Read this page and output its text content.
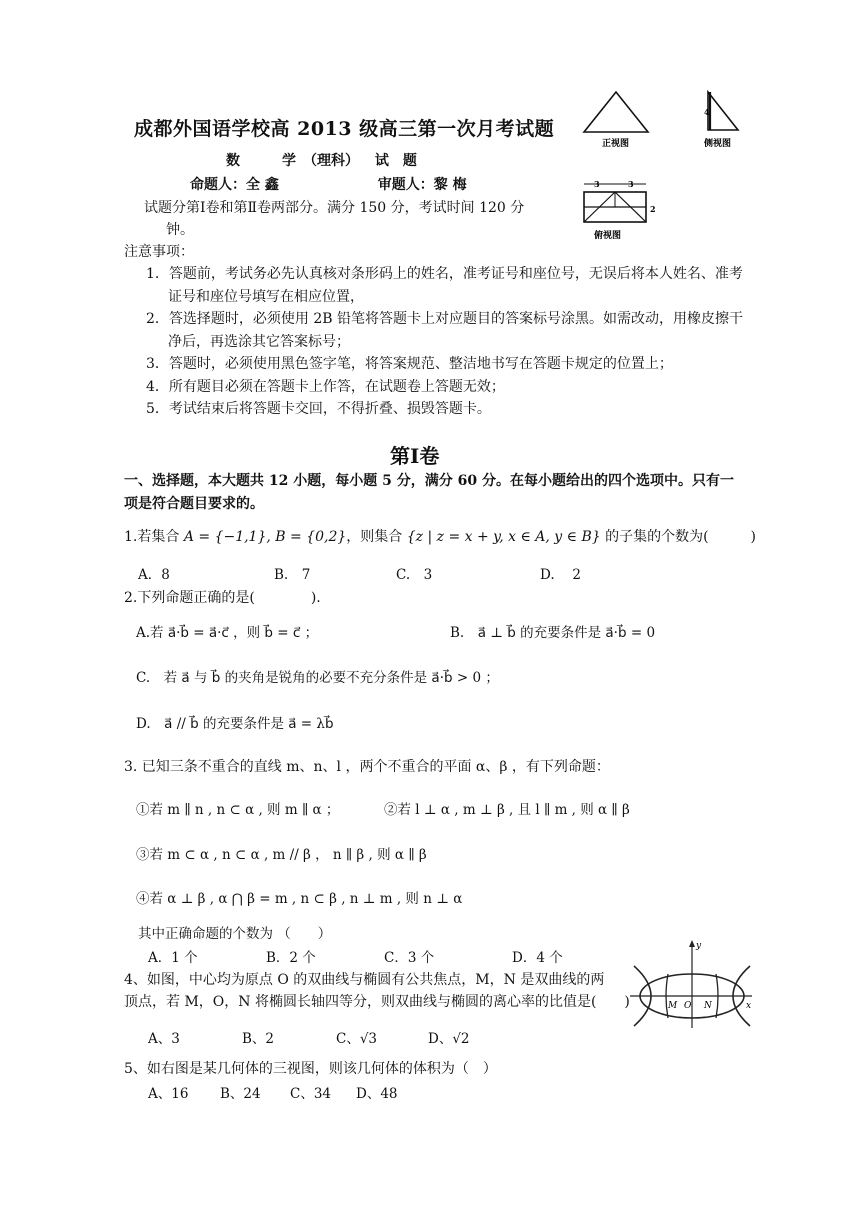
成都外国语学校高 2013 级高三第一次月考试题
数　　　学　（理科）　 试　题
命题人：全 鑫	审题人：黎 梅
试题分第Ⅰ卷和第Ⅱ卷两部分。满分 150 分，考试时间 120 分
钟。
正视图
4
侧视图
3	3
2
俯视图
注意事项：
1．答题前，考试务必先认真核对条形码上的姓名，准考证号和座位号，无误后将本人姓名、准考证号和座位号填写在相应位置，
2．答选择题时，必须使用 2B 铅笔将答题卡上对应题目的答案标号涂黑。如需改动，用橡皮擦干净后，再选涂其它答案标号；
3．答题时，必须使用黑色签字笔，将答案规范、整洁地书写在答题卡规定的位置上；
4．所有题目必须在答题卡上作答，在试题卷上答题无效；
5．考试结束后将答题卡交回，不得折叠、损毁答题卡。
第Ⅰ卷
一、选择题，本大题共 12 小题，每小题 5 分，满分 60 分。在每小题给出的四个选项中。只有一项是符合题目要求的。
1.若集合 A = {−1,1}, B = {0,2}，则集合 {z | z = x + y, x ∈ A, y ∈ B} 的子集的个数为(　　　)
A．8	B.　7	C.　3	D.　 2
2.下列命题正确的是(　　　　).
A.若 a⃗·b⃗ = a⃗·c⃗ ，则 b⃗ = c⃗ ；	B.　a⃗ ⊥ b⃗ 的充要条件是 a⃗·b⃗ = 0
C.　若 a⃗ 与 b⃗ 的夹角是锐角的必要不充分条件是 a⃗·b⃗ > 0 ；
D.　a⃗ // b⃗ 的充要条件是 a⃗ = λb⃗
3. 已知三条不重合的直线 m、n、l ，两个不重合的平面 α、β ，有下列命题：
①若 m ∥ n , n ⊂ α , 则 m ∥ α ；	②若 l ⊥ α , m ⊥ β , 且 l ∥ m , 则 α ∥ β
③若 m ⊂ α , n ⊂ α , m // β ， n ∥ β , 则 α ∥ β
④若 α ⊥ β , α ⋂ β = m , n ⊂ β , n ⊥ m , 则 n ⊥ α
其中正确命题的个数为 （　　）
A．1 个	B．2 个	C．3 个	D．4 个
4、如图，中心均为原点 O 的双曲线与椭圆有公共焦点，M，N 是双曲线的两
顶点，若 M，O，N 将椭圆长轴四等分，则双曲线与椭圆的离心率的比值是(　　)
A、3	B、2	C、√3	D、√2
y
x
M O N
5、如右图是某几何体的三视图，则该几何体的体积为（　）
A、16 B、24 C、34 D、48
